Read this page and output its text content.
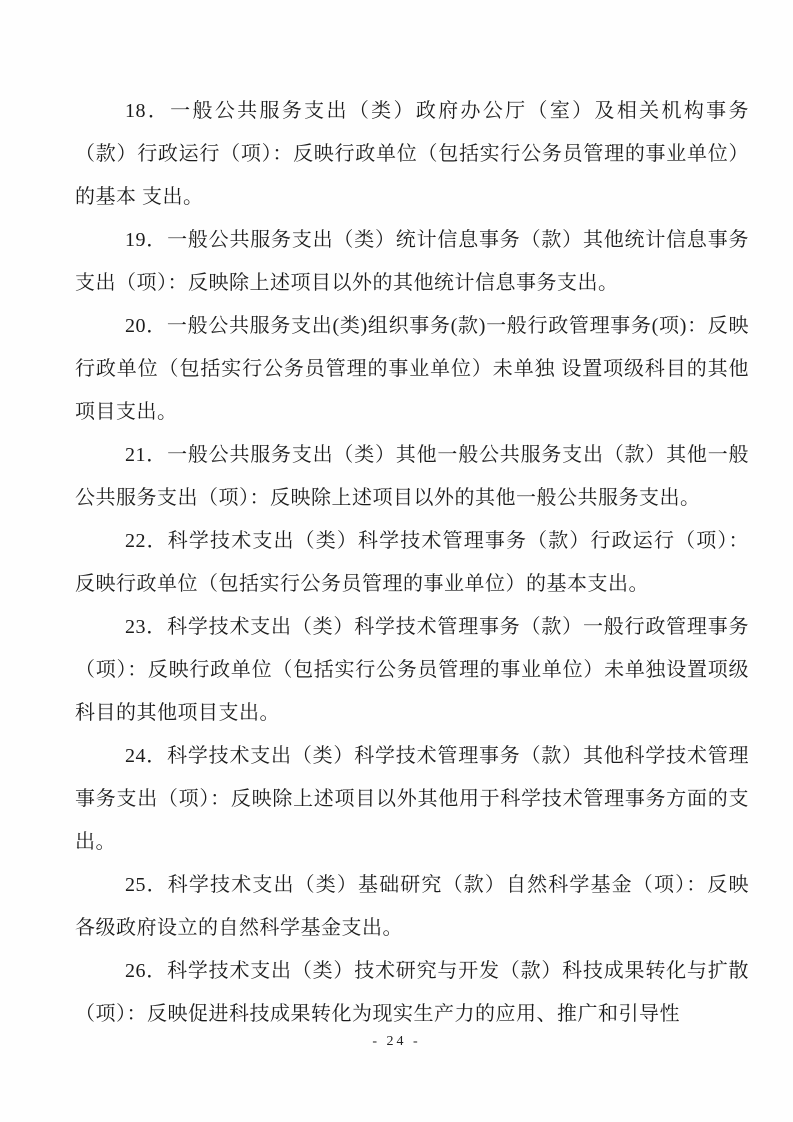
18．一般公共服务支出（类）政府办公厅（室）及相关机构事务（款）行政运行（项）：反映行政单位（包括实行公务员管理的事业单位）的基本 支出。

19．一般公共服务支出（类）统计信息事务（款）其他统计信息事务支出（项）：反映除上述项目以外的其他统计信息事务支出。

20．一般公共服务支出(类)组织事务(款)一般行政管理事务(项)：反映行政单位（包括实行公务员管理的事业单位）未单独 设置项级科目的其他项目支出。

21．一般公共服务支出（类）其他一般公共服务支出（款）其他一般公共服务支出（项）：反映除上述项目以外的其他一般公共服务支出。

22．科学技术支出（类）科学技术管理事务（款）行政运行（项）：反映行政单位（包括实行公务员管理的事业单位）的基本支出。

23．科学技术支出（类）科学技术管理事务（款）一般行政管理事务（项）：反映行政单位（包括实行公务员管理的事业单位）未单独设置项级科目的其他项目支出。

24．科学技术支出（类）科学技术管理事务（款）其他科学技术管理事务支出（项）：反映除上述项目以外其他用于科学技术管理事务方面的支出。

25．科学技术支出（类）基础研究（款）自然科学基金（项）：反映各级政府设立的自然科学基金支出。

26．科学技术支出（类）技术研究与开发（款）科技成果转化与扩散（项）：反映促进科技成果转化为现实生产力的应用、推广和引导性

- 24 -
